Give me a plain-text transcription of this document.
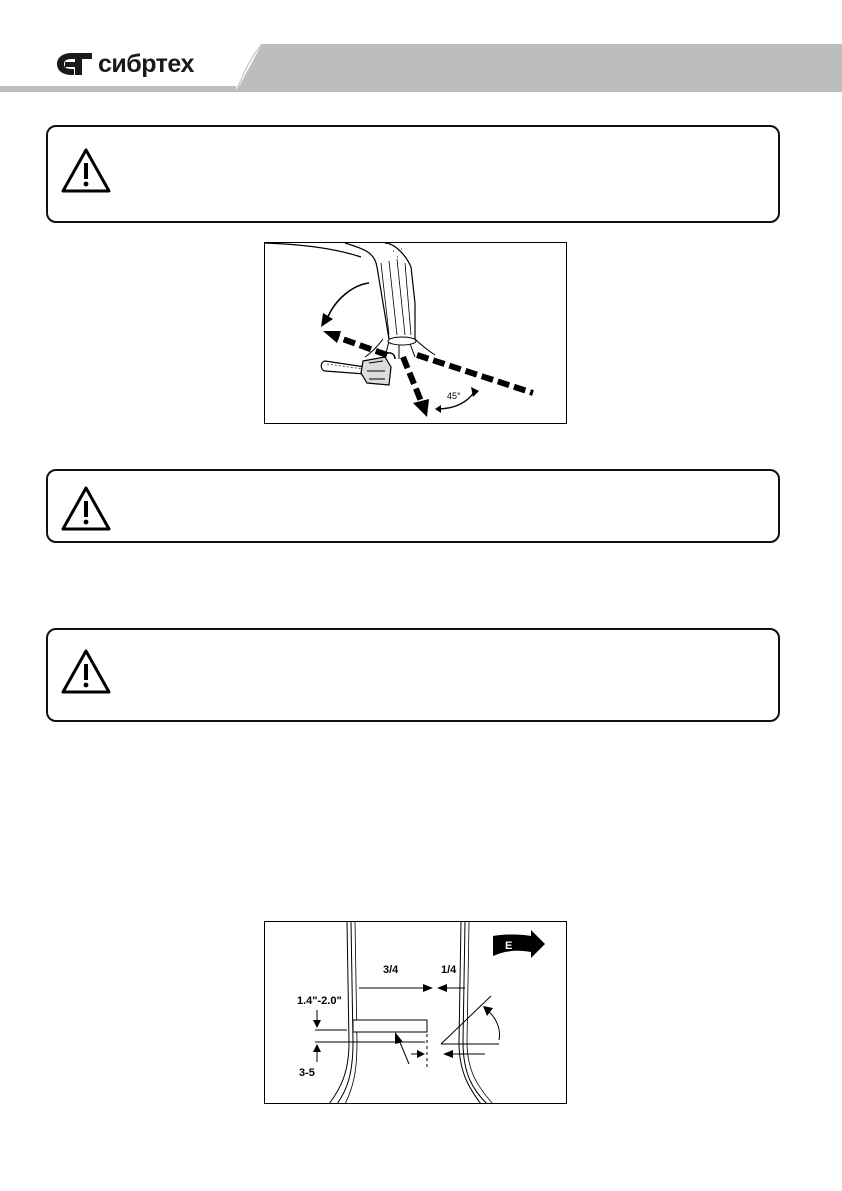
сибртех
45°
E
3/4	1/4
1.4"-2.0"
3-5
